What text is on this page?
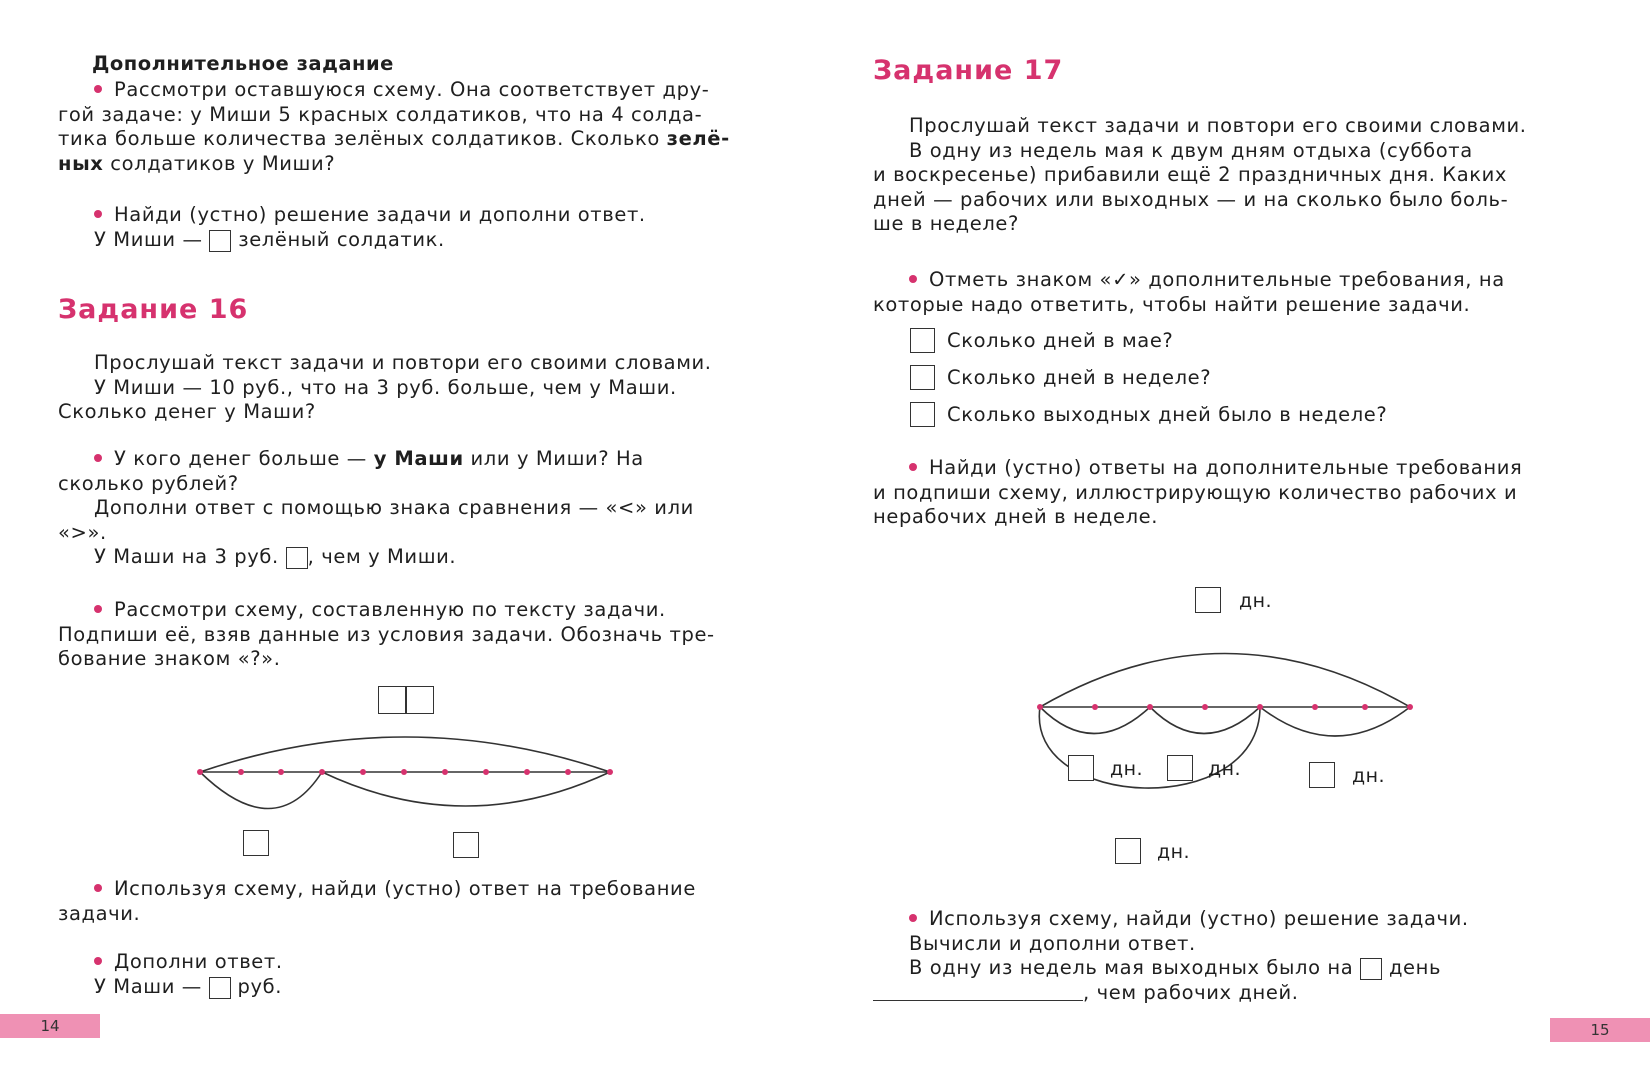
Дополнительное задание

Рассмотри оставшуюся схему. Она соответствует дру-
гой задаче: у Миши 5 красных солдатиков, что на 4 солда-
тика больше количества зелёных солдатиков. Сколько зелё-
ных солдатиков у Миши?
Найди (устно) решение задачи и дополни ответ.
У Миши — зелёный солдатик.

Задание 16

Прослушай текст задачи и повтори его своими словами.
У Миши — 10 руб., что на 3 руб. больше, чем у Маши.
Сколько денег у Маши?
У кого денег больше — у Маши или у Миши? На
сколько рублей?
Дополни ответ с помощью знака сравнения — «<» или
«>».
У Маши на 3 руб. , чем у Миши.
Рассмотри схему, составленную по тексту задачи.
Подпиши её, взяв данные из условия задачи. Обозначь тре-
бование знаком «?».
Используя схему, найди (устно) ответ на требование
задачи.
Дополни ответ.
У Маши — руб.
14

Задание 17

Прослушай текст задачи и повтори его своими словами.
В одну из недель мая к двум дням отдыха (суббота
и воскресенье) прибавили ещё 2 праздничных дня. Каких
дней — рабочих или выходных — и на сколько было боль-
ше в неделе?
Отметь знаком «✓» дополнительные требования, на
которые надо ответить, чтобы найти решение задачи.
Сколько дней в мае?
Сколько дней в неделе?
Сколько выходных дней было в неделе?
Найди (устно) ответы на дополнительные требования
и подпиши схему, иллюстрирующую количество рабочих и
нерабочих дней в неделе.
дн.
дн.	дн.	дн.
дн.
Используя схему, найди (устно) решение задачи.
Вычисли и дополни ответ.
В одну из недель мая выходных было на день
, чем рабочих дней.
15
